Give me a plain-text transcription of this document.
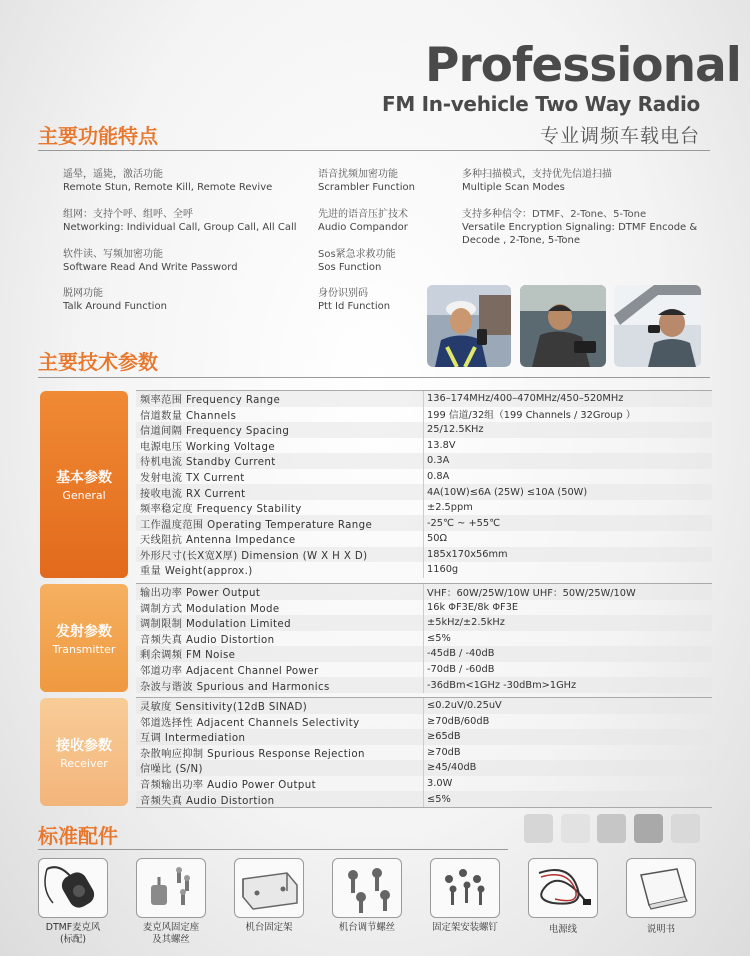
Professional
FM In-vehicle Two Way Radio
专业调频车载电台
主要功能特点
遥晕，遥毙，激活功能
Remote Stun, Remote Kill, Remote Revive
组网：支持个呼、组呼、全呼
Networking: Individual Call, Group Call, All Call
软件读、写频加密功能
Software Read And Write Password
脱网功能
Talk Around Function
语音扰频加密功能
Scrambler Function
先进的语音压扩技术
Audio Compandor
Sos紧急求救功能
Sos Function
身份识别码
Ptt Id Function
多种扫描模式，支持优先信道扫描
Multiple Scan Modes
支持多种信令：DTMF、2-Tone、5-Tone
Versatile Encryption Signaling: DTMF Encode &
Decode , 2-Tone, 5-Tone
主要技术参数
基本参数
General
发射参数
Transmitter
接收参数
Receiver
频率范围 Frequency Range	136–174MHz/400–470MHz/450–520MHz
信道数量 Channels	199 信道/32组（199 Channels / 32Group ）
信道间隔 Frequency Spacing	25/12.5KHz
电源电压 Working Voltage	13.8V
待机电流 Standby Current	0.3A
发射电流 TX Current	0.8A
接收电流 RX Current	4A(10W)≤6A (25W) ≤10A (50W)
频率稳定度 Frequency Stability	±2.5ppm
工作温度范围 Operating Temperature Range	-25℃ ~ +55℃
天线阻抗 Antenna Impedance	50Ω
外形尺寸(长X宽X厚) Dimension (W X H X D)	185x170x56mm
重量 Weight(approx.)	1160g
输出功率 Power Output	VHF：60W/25W/10W UHF：50W/25W/10W
调制方式 Modulation Mode	16k ΦF3E/8k ΦF3E
调制限制 Modulation Limited	±5kHz/±2.5kHz
音频失真 Audio Distortion	≤5%
剩余调频 FM Noise	-45dB / -40dB
邻道功率 Adjacent Channel Power	-70dB / -60dB
杂波与谐波 Spurious and Harmonics	-36dBm<1GHz -30dBm>1GHz
灵敏度 Sensitivity(12dB SINAD)	≤0.2uV/0.25uV
邻道选择性 Adjacent Channels Selectivity	≥70dB/60dB
互调 Intermediation	≥65dB
杂散响应抑制 Spurious Response Rejection	≥70dB
信噪比 (S/N)	≥45/40dB
音频输出功率 Audio Power Output	3.0W
音频失真 Audio Distortion	≤5%
标准配件
DTMF麦克风
(标配)
麦克风固定座
及其螺丝
机台固定架	机台调节螺丝	固定架安装螺钉	电源线	说明书
